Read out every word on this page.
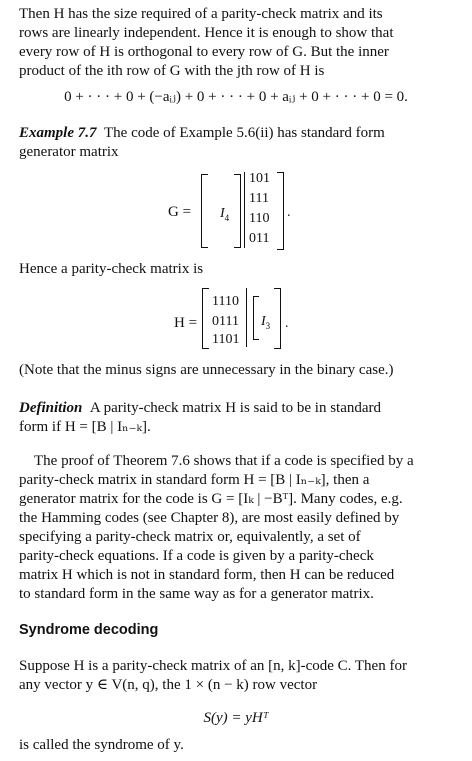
Then H has the size required of a parity-check matrix and its
rows are linearly independent. Hence it is enough to show that
every row of H is orthogonal to every row of G. But the inner
product of the ith row of G with the jth row of H is

0 + · · · + 0 + (−aᵢⱼ) + 0 + · · · + 0 + aᵢⱼ + 0 + · · · + 0 = 0.

Example 7.7 The code of Example 5.6(ii) has standard form
generator matrix

$G = I_4$
101
111
110
011
.

Hence a parity-check matrix is

H =
1110
0111
1101
$I_3$ .

(Note that the minus signs are unnecessary in the binary case.)

Definition A parity-check matrix H is said to be in standard
form if H = [B | Iₙ₋ₖ].

The proof of Theorem 7.6 shows that if a code is specified by a
parity-check matrix in standard form H = [B | Iₙ₋ₖ], then a
generator matrix for the code is G = [Iₖ | −Bᵀ]. Many codes, e.g.
the Hamming codes (see Chapter 8), are most easily defined by
specifying a parity-check matrix or, equivalently, a set of
parity-check equations. If a code is given by a parity-check
matrix H which is not in standard form, then H can be reduced
to standard form in the same way as for a generator matrix.

Syndrome decoding

Suppose H is a parity-check matrix of an [n, k]-code C. Then for
any vector y ∈ V(n, q), the 1 × (n − k) row vector

S(y) = yHᵀ

is called the syndrome of y.
